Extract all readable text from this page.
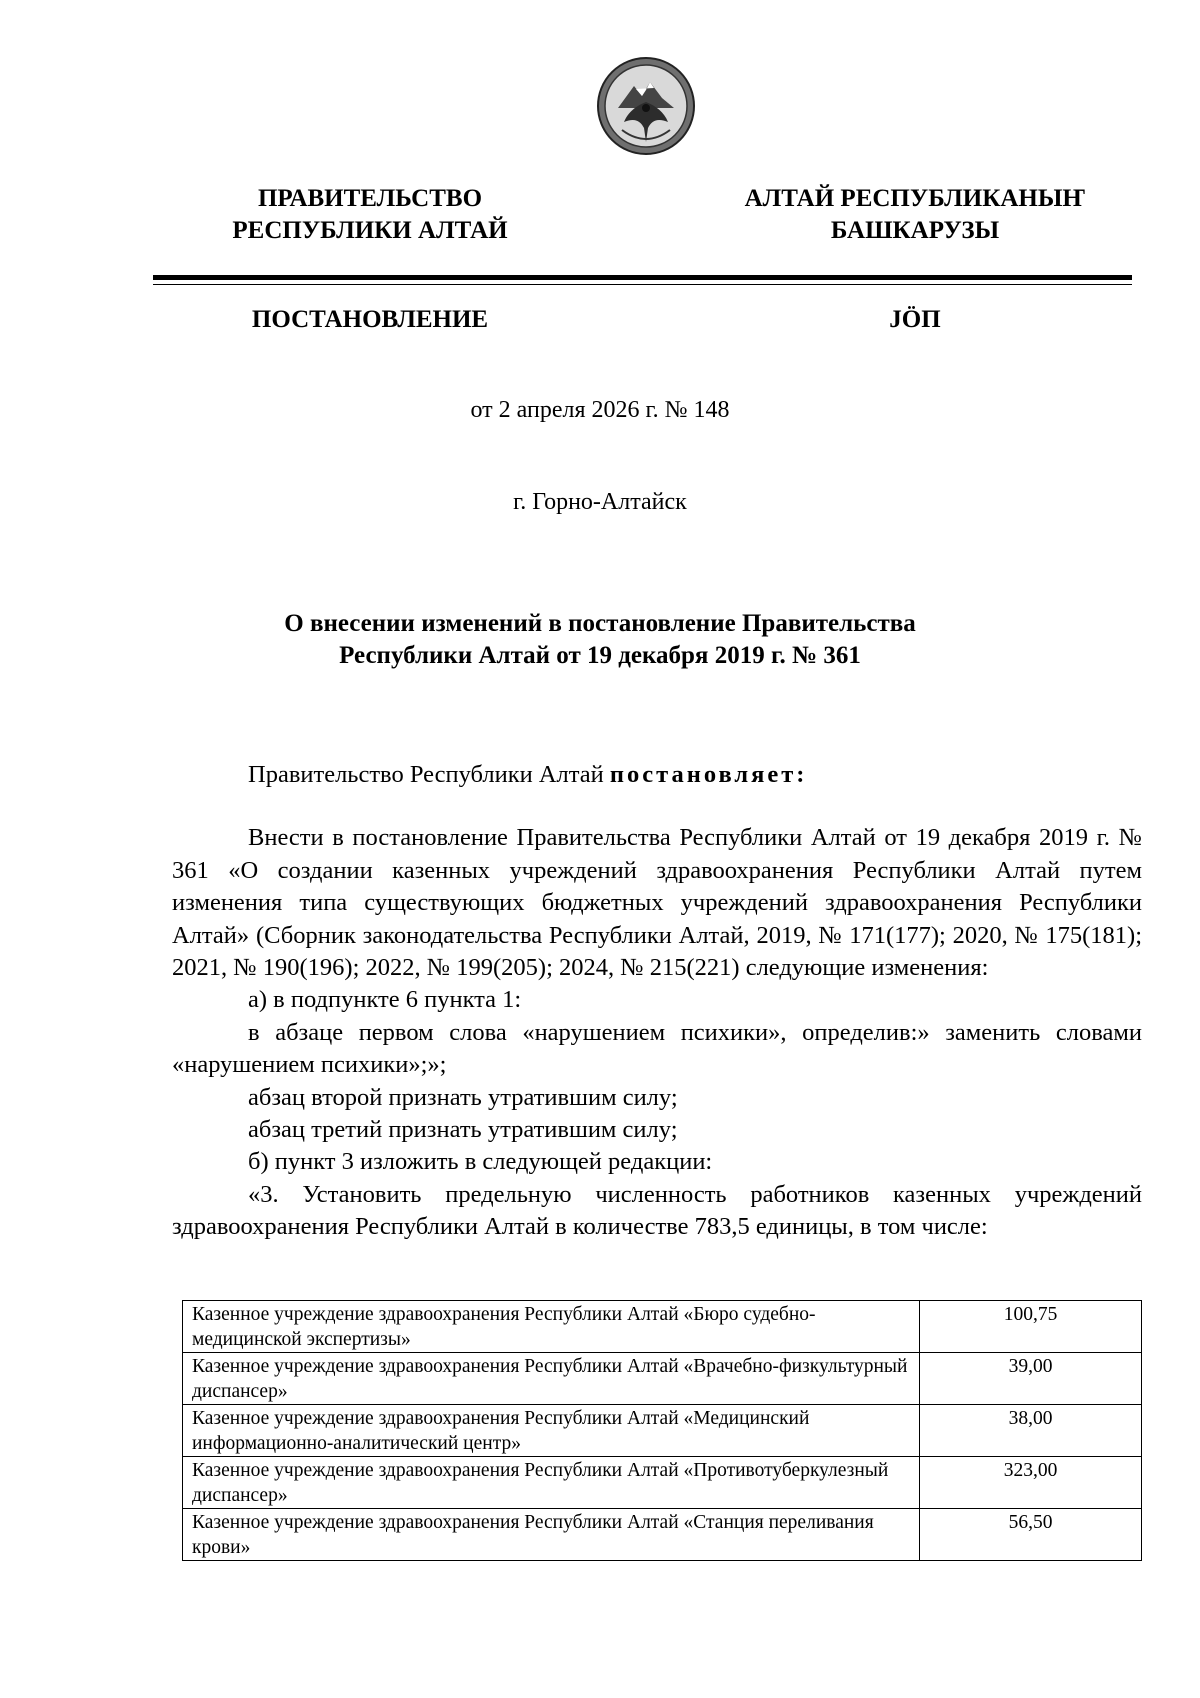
ПРАВИТЕЛЬСТВО
РЕСПУБЛИКИ АЛТАЙ
АЛТАЙ РЕСПУБЛИКАНЫҤ
БАШКАРУЗЫ
ПОСТАНОВЛЕНИЕ	JӦП
от 2 апреля 2026 г. № 148
г. Горно-Алтайск
О внесении изменений в постановление Правительства
Республики Алтай от 19 декабря 2019 г. № 361

Правительство Республики Алтай постановляет:

Внести в постановление Правительства Республики Алтай от 19 декабря 2019 г. № 361 «О создании казенных учреждений здравоохранения Республики Алтай путем изменения типа существующих бюджетных учреждений здравоохранения Республики Алтай» (Сборник законодательства Республики Алтай, 2019, № 171(177); 2020, № 175(181); 2021, № 190(196); 2022, № 199(205); 2024, № 215(221) следующие изменения:

а) в подпункте 6 пункта 1:

в абзаце первом слова «нарушением психики», определив:» заменить словами «нарушением психики»;»;

абзац второй признать утратившим силу;

абзац третий признать утратившим силу;

б) пункт 3 изложить в следующей редакции:

«3. Установить предельную численность работников казенных учреждений здравоохранения Республики Алтай в количестве 783,5 единицы, в том числе:

Казенное учреждение здравоохранения Республики Алтай «Бюро судебно-медицинской экспертизы»	100,75
Казенное учреждение здравоохранения Республики Алтай «Врачебно-физкультурный диспансер»	39,00
Казенное учреждение здравоохранения Республики Алтай «Медицинский информационно-аналитический центр»	38,00
Казенное учреждение здравоохранения Республики Алтай «Противотуберкулезный диспансер»	323,00
Казенное учреждение здравоохранения Республики Алтай «Станция переливания крови»	56,50
